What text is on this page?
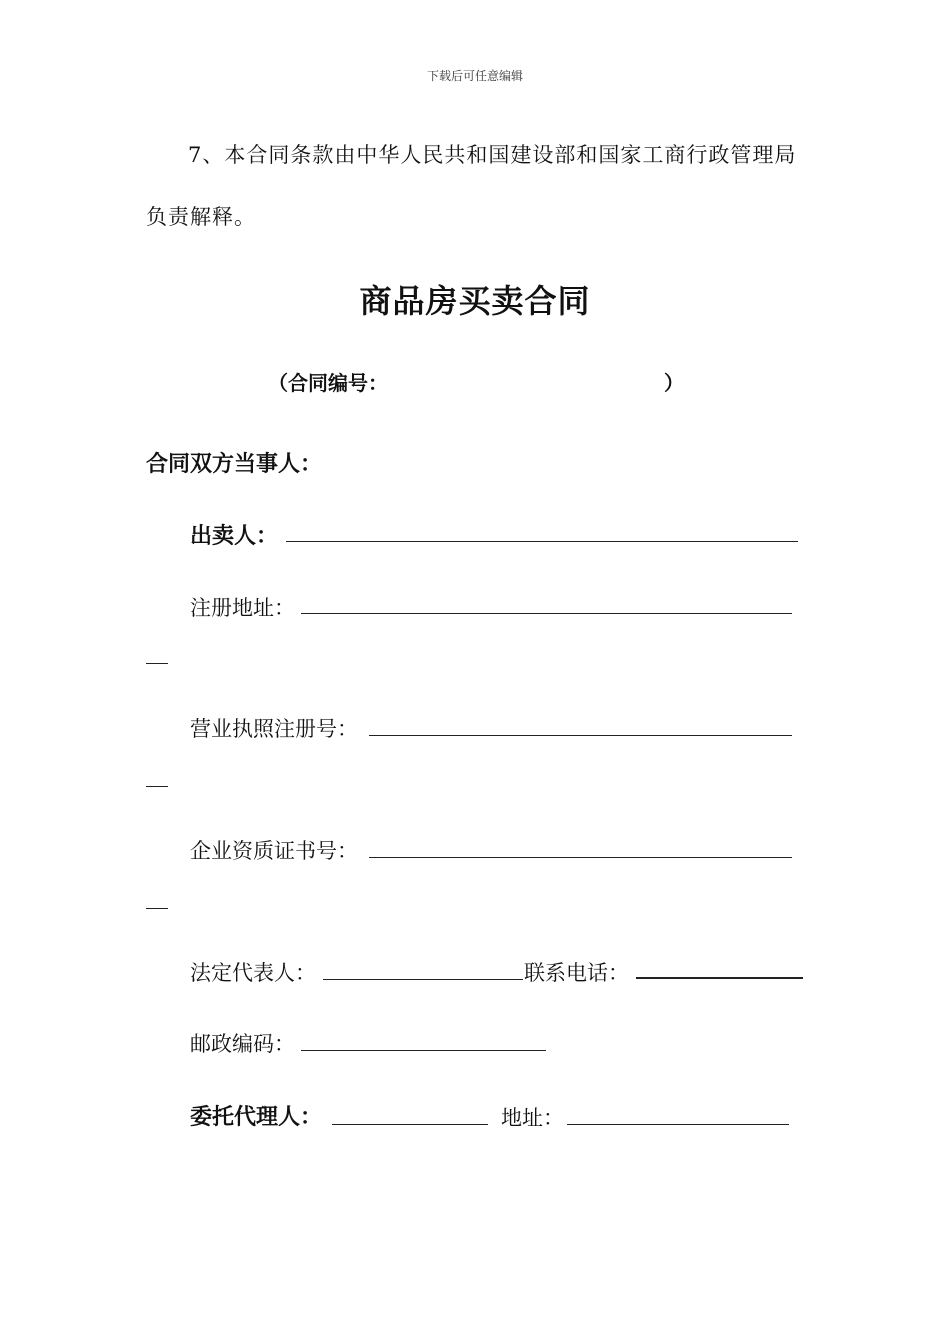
下载后可任意编辑
7、本合同条款由中华人民共和国建设部和国家工商行政管理局
负责解释。
商品房买卖合同
（合同编号：	）
合同双方当事人：
出卖人：
注册地址：
营业执照注册号：
企业资质证书号：
法定代表人：	联系电话：
邮政编码：
委托代理人：	地址：
